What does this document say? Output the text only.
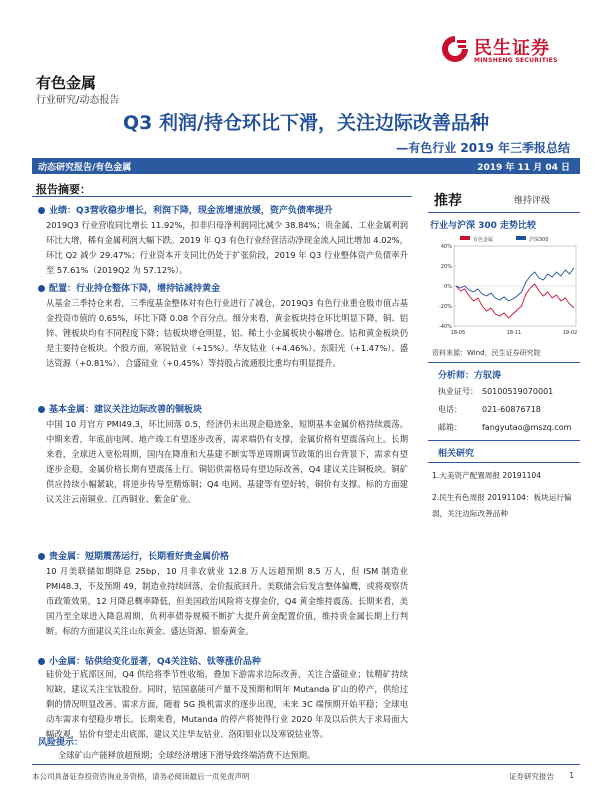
民生证券
MINSHENG SECURITIES
有色金属
行业研究/动态报告
Q3 利润/持仓环比下滑，关注边际改善品种
—有色行业 2019 年三季报总结
动态研究报告/有色金属	2019 年 11 月 04 日
报告摘要：
业绩：Q3营收稳步增长，利润下降，现金流增速放缓，资产负债率提升
2019Q3 行业营收同比增长 11.92%，扣非归母净利润同比减少 38.84%；贵金属、工业金属利润环比大增，稀有金属利润大幅下跌。2019 年 Q3 有色行业经营活动净现金流入同比增加 4.02%，环比 Q2 减少 29.47%；行业资本开支同比仍处于扩张阶段，2019 年 Q3 行业整体资产负债率升至 57.61%（2019Q2 为 57.12%）。
配置：行业持仓整体下降，增持钴减持黄金
从基金三季持仓来看，三季度基金整体对有色行业进行了减仓，2019Q3 有色行业重仓股市值占基金投资市值的 0.65%，环比下降 0.08 个百分点。细分来看，黄金板块持仓环比明显下降，铜、铝锌、锂板块均有不同程度下降；钴板块增仓明显，铝、稀土小金属板块小幅增仓。钴和黄金板块仍是主要持仓板块。个股方面，寒锐钴业（+15%）、华友钴业（+4.46%）、东阳光（+1.47%）、盛达资源（+0.81%）、合盛硅业（+0.45%）等持股占流通股比重均有明显提升。
基本金属：建议关注边际改善的铜板块
中国 10 月官方 PMI49.3，环比回落 0.5，经济仍未出现企稳迹象，短期基本金属价格持续震荡。中期来看，年底前电网、地产竣工有望逐步改善，需求端仍有支撑，金属价格有望震荡向上。长期来看，全球进入宽松周期，国内在降准和大基建不断实等逆周期调节政策的出台背景下，需求有望逐步企稳，金属价格长期有望震荡上行。铜铝供需格局有望边际改善，Q4 建议关注铜板块。铜矿供应持续小幅紧缺，将逆步传导至精炼铜；Q4 电网、基建等有望好转，铜价有支撑。标的方面建议关注云南铜业、江西铜业、紫金矿业。
贵金属：短期震荡运行，长期看好贵金属价格
10 月美联储如期降息 25bp，10 月非农就业 12.8 万人远超预期 8.5 万人，但 ISM 制造业 PMI48.3，不及预期 49，制造业持续回落，金价报底回升。美联储会后发言整体偏鹰，或将观察货币政策效果，12 月降息概率降低，但美国政治风险将支撑金价，Q4 黄金维持震荡。长期来看，美国乃至全球进入降息周期，负利率债券规模不断扩大提升黄金配置价值，维持贵金属长期上行判断。标的方面建议关注山东黄金、盛达资源、银泰黄金。
小金属：钴供给变化显著，Q4关注钴、钛等涨价品种
硅价处于底部区间，Q4 供给将季节性收缩，叠加下游需求边际改善，关注合盛硅业；钛精矿持续短缺，建议关注宝钛股份。同时，钴国嘉能可产量不及预期和明年 Mutanda 矿山的停产，供给过剩的情况明显改善。需求方面，随着 5G 换机需求的逐步出现，未来 3C 端预期开始平稳；全球电动车需求有望稳步增长。长期来看，Mutanda 的停产将使得行业 2020 年及以后供大于求局面大幅改观，钴价有望走出底部，建议关注华友钴业、洛阳钼业以及寒锐钴业等。
风险提示：
全球矿山产能释放超预期；全球经济增速下滑导致终端消费不达预期。
推荐	维持评级
行业与沪深 300 走势比较
有色金属	沪深300
40%
20%
0%
-20%
-40%
18-05	18-11	19-02
资料来源：Wind，民生证券研究院
分析师：方驭涛
执业证号： S0100519070001
电话：	021-60876718
邮箱：	fangyutao@mszq.com
相关研究
1.大美资产配置周报 20191104
2.民生有色周报 20191104：板块运行偏弱，关注边际改善品种
本公司具备证券投资咨询业务资格，请务必阅读最后一页免责声明	证券研究报告 1
